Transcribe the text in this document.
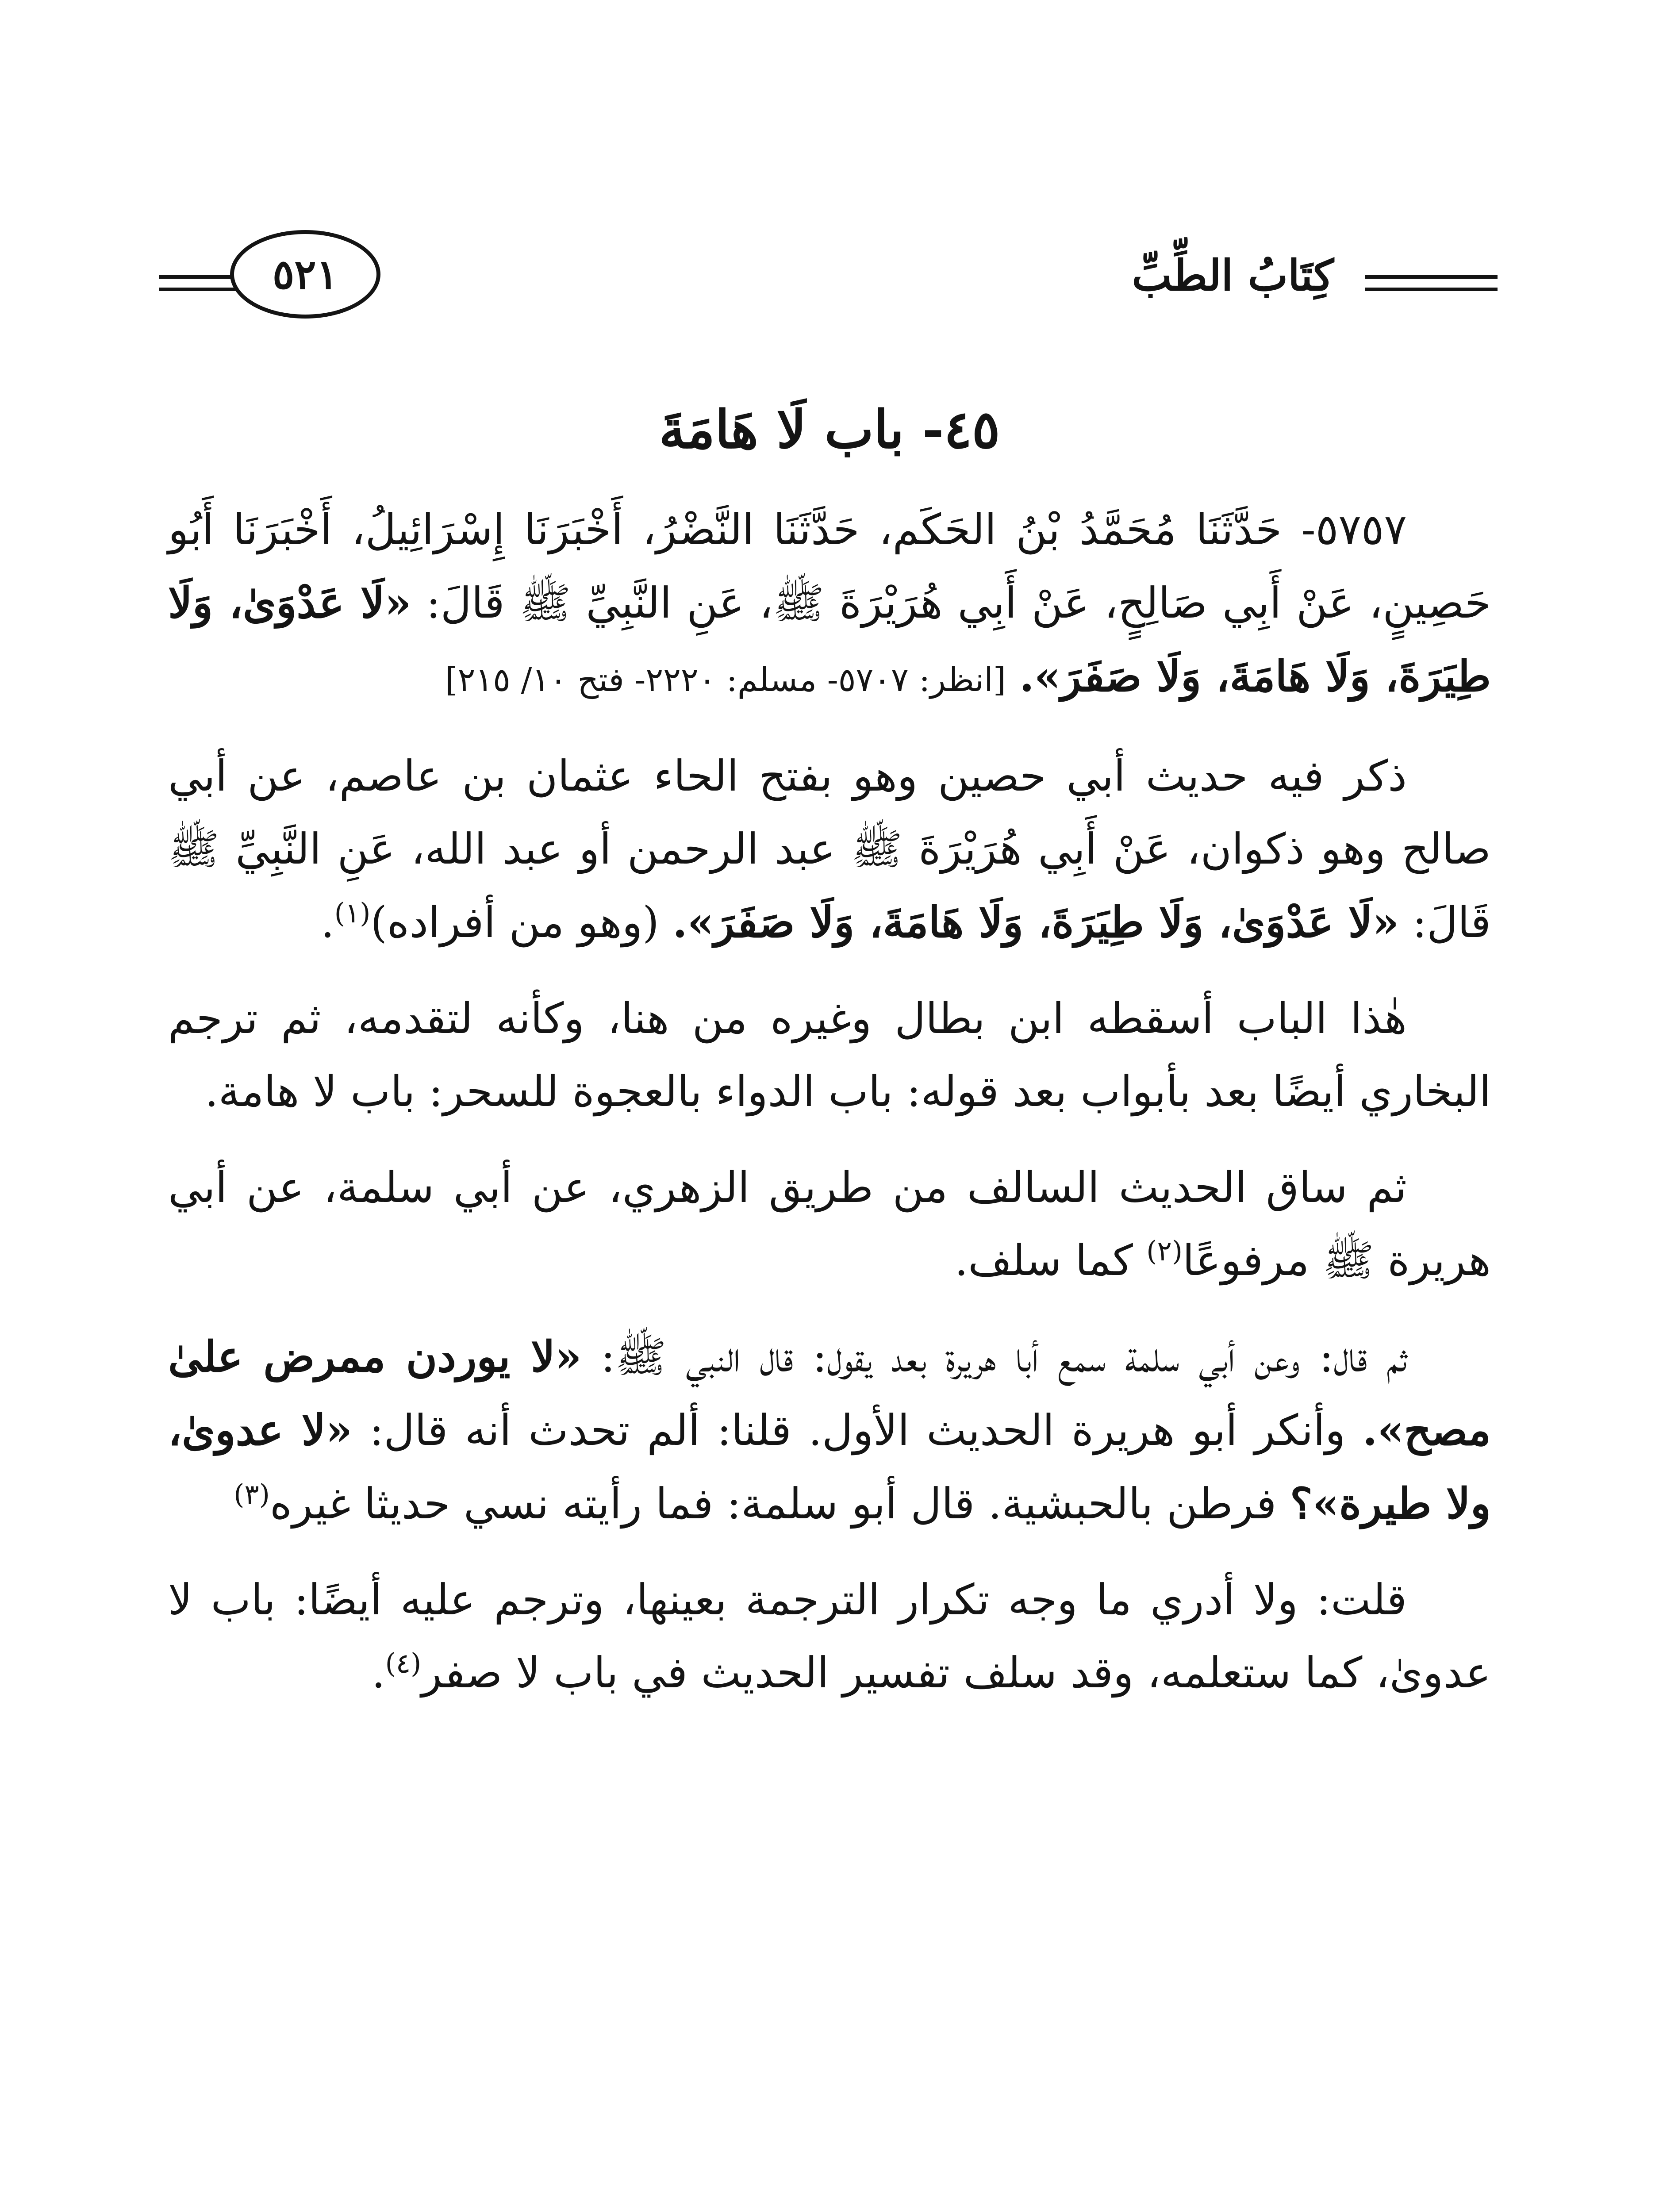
كِتَابُ الطِّبِّ
٥٢١
٤٥- باب لَا هَامَةَ

٥٧٥٧- حَدَّثَنَا مُحَمَّدُ بْنُ الحَكَم، حَدَّثَنَا النَّضْرُ، أَخْبَرَنَا إِسْرَائِيلُ، أَخْبَرَنَا أَبُو حَصِينٍ، عَنْ أَبِي صَالِحٍ، عَنْ أَبِي هُرَيْرَةَ ﷺ، عَنِ النَّبِيِّ ﷺ قَالَ: «لَا عَدْوَىٰ، وَلَا طِيَرَةَ، وَلَا هَامَةَ، وَلَا صَفَرَ». [انظر: ٥٧٠٧- مسلم: ٢٢٢٠- فتح ١٠/ ٢١٥]

ذكر فيه حديث أبي حصين وهو بفتح الحاء عثمان بن عاصم، عن أبي صالح وهو ذكوان، عَنْ أَبِي هُرَيْرَةَ ﷺ عبد الرحمن أو عبد الله، عَنِ النَّبِيِّ ﷺ قَالَ: «لَا عَدْوَىٰ، وَلَا طِيَرَةَ، وَلَا هَامَةَ، وَلَا صَفَرَ». (وهو من أفراده)$^{(١)}$.

هٰذا الباب أسقطه ابن بطال وغيره من هنا، وكأنه لتقدمه، ثم ترجم البخاري أيضًا بعد بأبواب بعد قوله: باب الدواء بالعجوة للسحر: باب لا هامة.

ثم ساق الحديث السالف من طريق الزهري، عن أبي سلمة، عن أبي هريرة ﷺ مرفوعًا$^{(٢)}$ كما سلف.

ثم قال: وعن أبي سلمة سمع أبا هريرة بعد يقول: قال النبي ﷺ: «لا يوردن ممرض علىٰ مصح». وأنكر أبو هريرة الحديث الأول. قلنا: ألم تحدث أنه قال: «لا عدوىٰ، ولا طيرة»؟ فرطن بالحبشية. قال أبو سلمة: فما رأيته نسي حديثا غيره$^{(٣)}$

قلت: ولا أدري ما وجه تكرار الترجمة بعينها، وترجم عليه أيضًا: باب لا عدوىٰ، كما ستعلمه، وقد سلف تفسير الحديث في باب لا صفر$^{(٤)}$.
